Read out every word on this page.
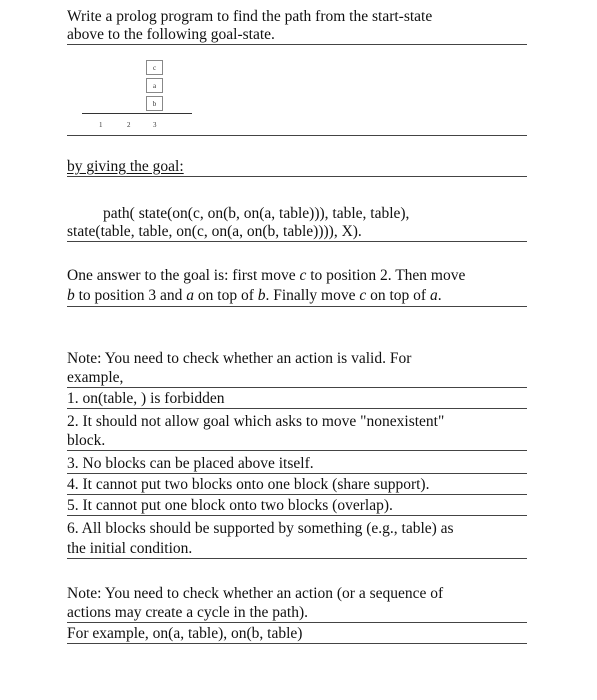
Write a prolog program to find the path from the start-state
above to the following goal-state.
c
a
b
1	2	3
by giving the goal:
path( state(on(c, on(b, on(a, table))), table, table),
state(table, table, on(c, on(a, on(b, table)))), X).
One answer to the goal is: first move c to position 2. Then move
b to position 3 and a on top of b. Finally move c on top of a.
Note: You need to check whether an action is valid. For
example,
1. on(table, ) is forbidden
2. It should not allow goal which asks to move "nonexistent"
block.
3. No blocks can be placed above itself.
4. It cannot put two blocks onto one block (share support).
5. It cannot put one block onto two blocks (overlap).
6. All blocks should be supported by something (e.g., table) as
the initial condition.
Note: You need to check whether an action (or a sequence of
actions may create a cycle in the path).
For example, on(a, table), on(b, table)
